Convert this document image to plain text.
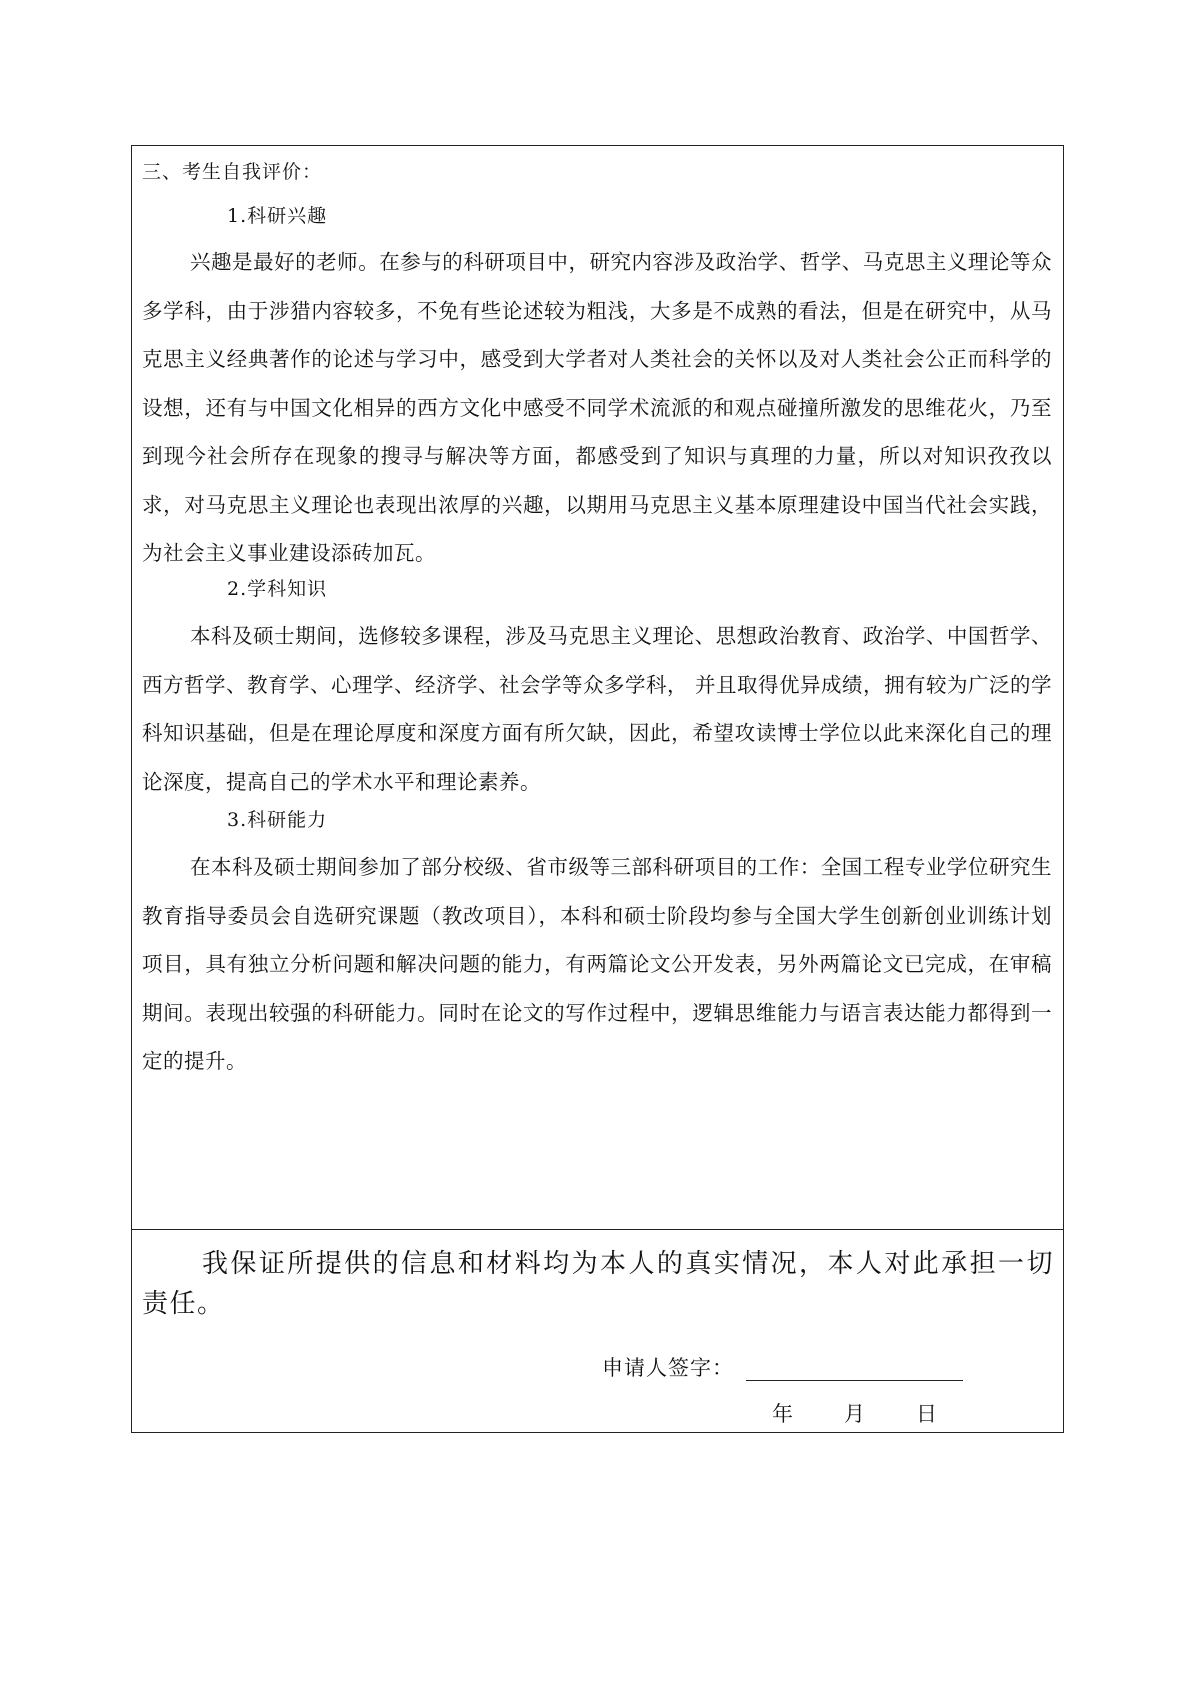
三、考生自我评价：
1.科研兴趣
兴趣是最好的老师。在参与的科研项目中，研究内容涉及政治学、哲学、马克思主义理论等众多学科，由于涉猎内容较多，不免有些论述较为粗浅，大多是不成熟的看法，但是在研究中，从马克思主义经典著作的论述与学习中，感受到大学者对人类社会的关怀以及对人类社会公正而科学的设想，还有与中国文化相异的西方文化中感受不同学术流派的和观点碰撞所激发的思维花火，乃至到现今社会所存在现象的搜寻与解决等方面，都感受到了知识与真理的力量，所以对知识孜孜以求，对马克思主义理论也表现出浓厚的兴趣，以期用马克思主义基本原理建设中国当代社会实践，为社会主义事业建设添砖加瓦。
2.学科知识
本科及硕士期间，选修较多课程，涉及马克思主义理论、思想政治教育、政治学、中国哲学、西方哲学、教育学、心理学、经济学、社会学等众多学科， 并且取得优异成绩，拥有较为广泛的学科知识基础，但是在理论厚度和深度方面有所欠缺，因此，希望攻读博士学位以此来深化自己的理论深度，提高自己的学术水平和理论素养。
3.科研能力
在本科及硕士期间参加了部分校级、省市级等三部科研项目的工作：全国工程专业学位研究生教育指导委员会自选研究课题（教改项目），本科和硕士阶段均参与全国大学生创新创业训练计划项目，具有独立分析问题和解决问题的能力，有两篇论文公开发表，另外两篇论文已完成，在审稿期间。表现出较强的科研能力。同时在论文的写作过程中，逻辑思维能力与语言表达能力都得到一定的提升。
我保证所提供的信息和材料均为本人的真实情况，本人对此承担一切责任。
申请人签字：
年 月 日
